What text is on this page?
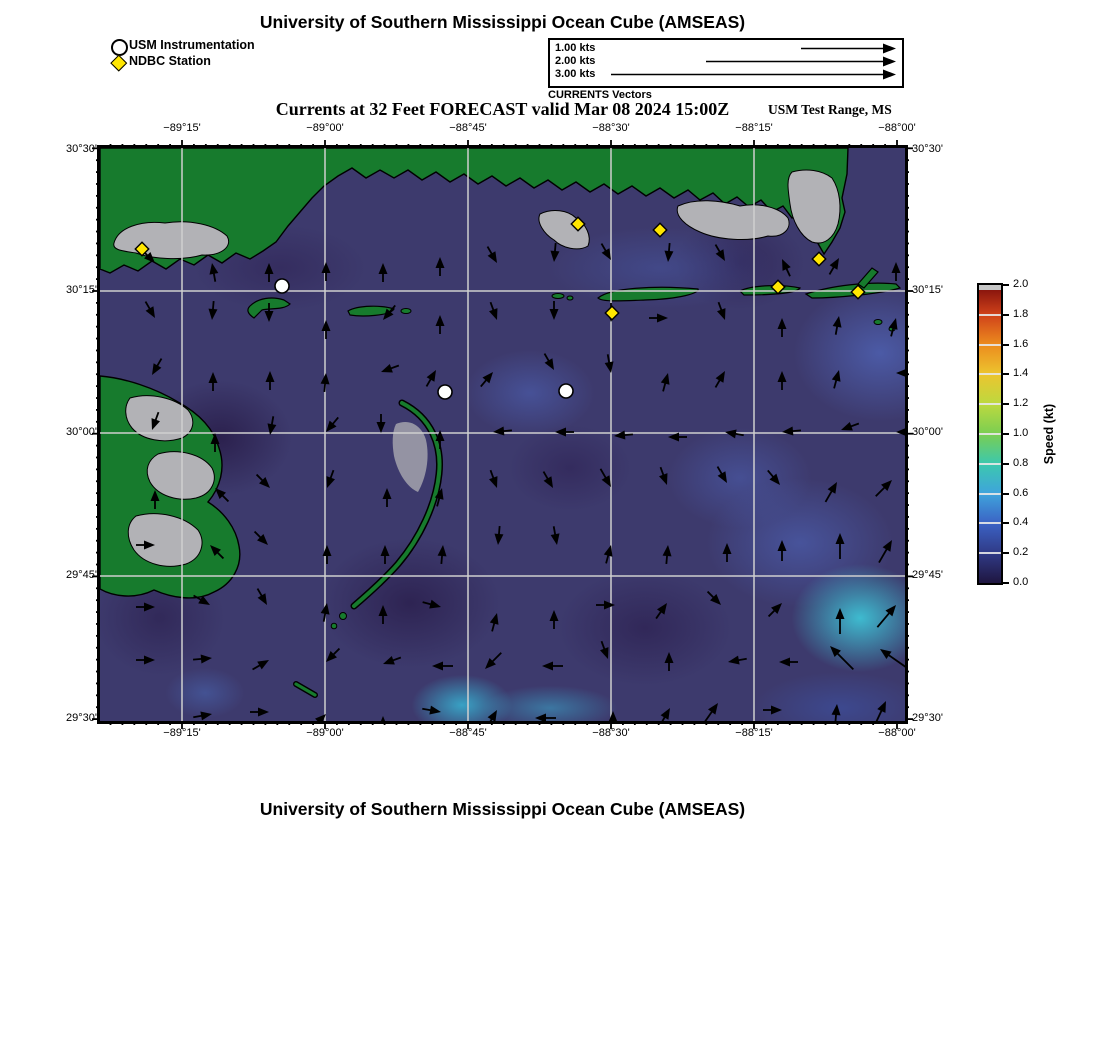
University of Southern Mississippi Ocean Cube (AMSEAS)
USM Instrumentation
NDBC Station
1.00 kts
2.00 kts
3.00 kts
CURRENTS Vectors
Currents at 32 Feet FORECAST valid Mar 08 2024 15:00Z	USM Test Range, MS
−89°15'
−89°15'
−89°00'
−89°00'
−88°45'
−88°45'
−88°30'
−88°30'
−88°15'
−88°15'
−88°00'
−88°00'
30°30'	30°30'
30°15'	30°15'
30°00'	30°00'
29°45'	29°45'
29°30'	29°30'
0.0
0.2
0.4
0.6
0.8
1.0
1.2
1.4
1.6
1.8
2.0
Speed (kt)
University of Southern Mississippi Ocean Cube (AMSEAS)
